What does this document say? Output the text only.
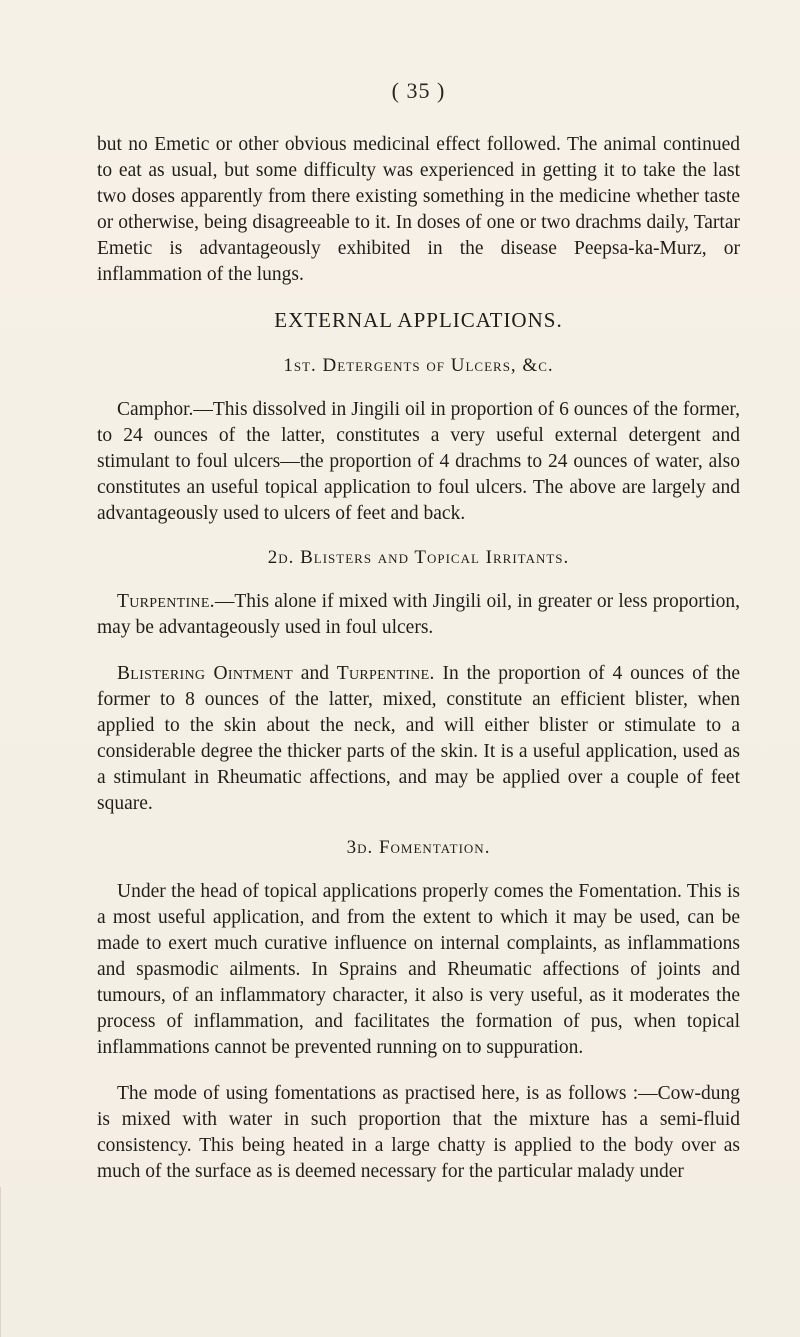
( 35 )

but no Emetic or other obvious medicinal effect followed. The animal continued to eat as usual, but some difficulty was experienced in getting it to take the last two doses apparently from there existing something in the medicine whether taste or otherwise, being disagreeable to it. In doses of one or two drachms daily, Tartar Emetic is advantageously exhibited in the disease Peepsa-ka-Murz, or inflammation of the lungs.

EXTERNAL APPLICATIONS.
1st. Detergents of Ulcers, &c.

Camphor.—This dissolved in Jingili oil in proportion of 6 ounces of the former, to 24 ounces of the latter, constitutes a very useful external detergent and stimulant to foul ulcers—the proportion of 4 drachms to 24 ounces of water, also constitutes an useful topical application to foul ulcers. The above are largely and advantageously used to ulcers of feet and back.

2d. Blisters and Topical Irritants.

Turpentine.—This alone if mixed with Jingili oil, in greater or less proportion, may be advantageously used in foul ulcers.

Blistering Ointment and Turpentine. In the proportion of 4 ounces of the former to 8 ounces of the latter, mixed, constitute an efficient blister, when applied to the skin about the neck, and will either blister or stimulate to a considerable degree the thicker parts of the skin. It is a useful application, used as a stimulant in Rheumatic affections, and may be applied over a couple of feet square.

3d. Fomentation.

Under the head of topical applications properly comes the Fomentation. This is a most useful application, and from the extent to which it may be used, can be made to exert much curative influence on internal complaints, as inflammations and spasmodic ailments. In Sprains and Rheumatic affections of joints and tumours, of an inflammatory character, it also is very useful, as it moderates the process of inflammation, and facilitates the formation of pus, when topical inflammations cannot be prevented running on to suppuration.

The mode of using fomentations as practised here, is as follows :—Cow-dung is mixed with water in such proportion that the mixture has a semi-fluid consistency. This being heated in a large chatty is applied to the body over as much of the surface as is deemed necessary for the particular malady under
